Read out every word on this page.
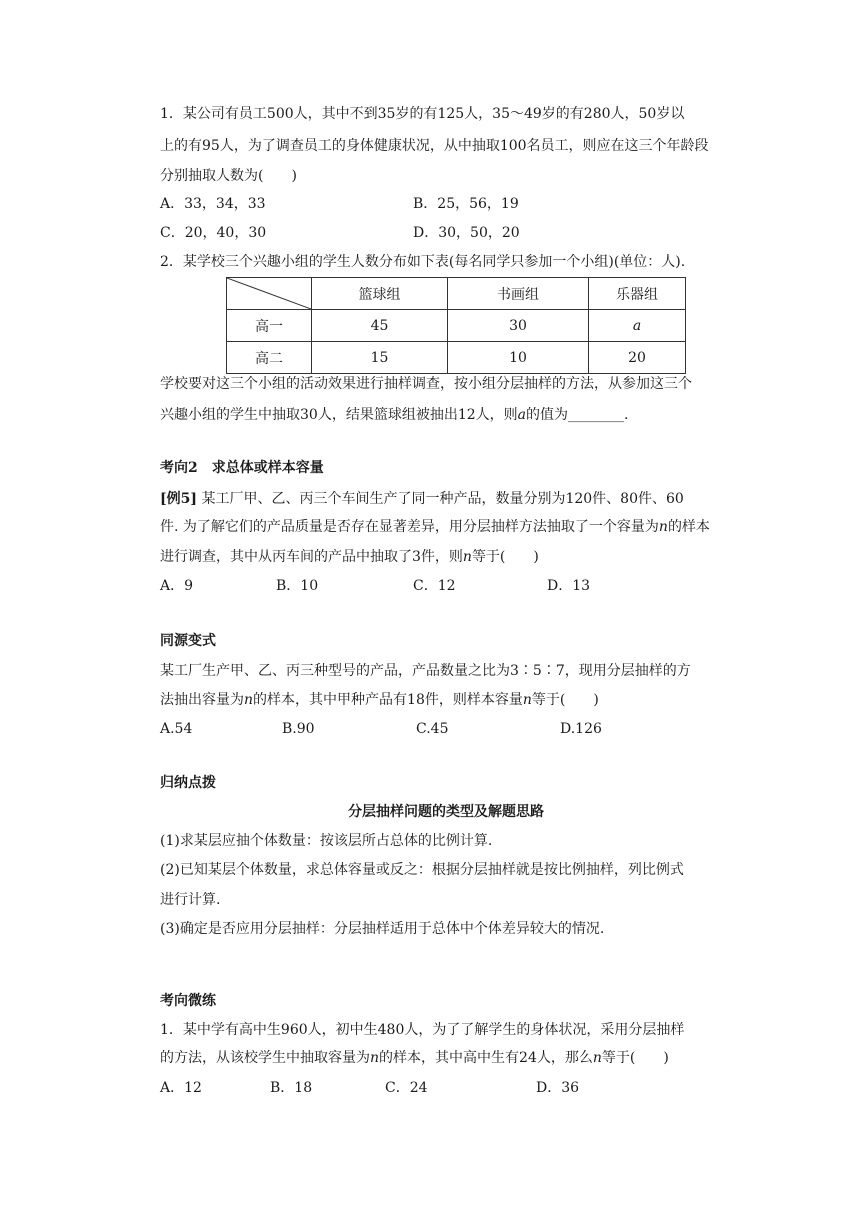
1．某公司有员工500人，其中不到35岁的有125人，35～49岁的有280人，50岁以
上的有95人，为了调查员工的身体健康状况，从中抽取100名员工，则应在这三个年龄段
分别抽取人数为(　　)
A．33，34，33	B．25，56，19
C．20，40，30	D．30，50，20
2．某学校三个兴趣小组的学生人数分布如下表(每名同学只参加一个小组)(单位：人).
	篮球组	书画组	乐器组
高一	45	30	a
高二	15	10	20
学校要对这三个小组的活动效果进行抽样调查，按小组分层抽样的方法，从参加这三个
兴趣小组的学生中抽取30人，结果篮球组被抽出12人，则a的值为________.
考向2　求总体或样本容量
[例5] 某工厂甲、乙、丙三个车间生产了同一种产品，数量分别为120件、80件、60
件. 为了解它们的产品质量是否存在显著差异，用分层抽样方法抽取了一个容量为n的样本
进行调查，其中从丙车间的产品中抽取了3件，则n等于(　　)
A．9	B．10	C．12	D．13
同源变式
某工厂生产甲、乙、丙三种型号的产品，产品数量之比为3∶5∶7，现用分层抽样的方
法抽出容量为n的样本，其中甲种产品有18件，则样本容量n等于(　　)
A.54	B.90	C.45	D.126
归纳点拨
分层抽样问题的类型及解题思路
(1)求某层应抽个体数量：按该层所占总体的比例计算.
(2)已知某层个体数量，求总体容量或反之：根据分层抽样就是按比例抽样，列比例式
进行计算.
(3)确定是否应用分层抽样：分层抽样适用于总体中个体差异较大的情况.
考向微练
1．某中学有高中生960人，初中生480人，为了了解学生的身体状况，采用分层抽样
的方法，从该校学生中抽取容量为n的样本，其中高中生有24人，那么n等于(　　)
A．12	B．18	C．24	D．36
